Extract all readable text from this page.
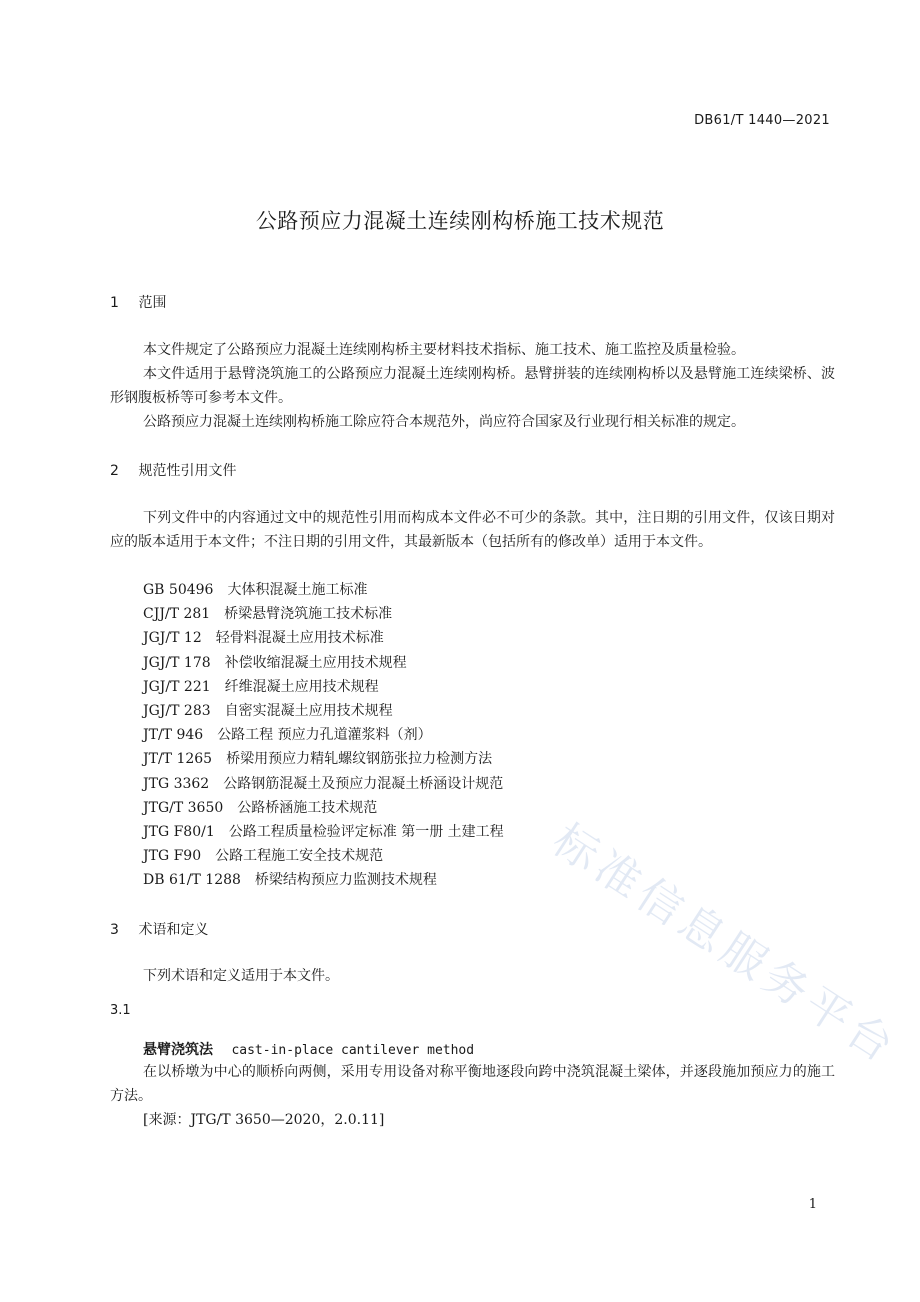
DB61/T 1440—2021
公路预应力混凝土连续刚构桥施工技术规范
1 范围
本文件规定了公路预应力混凝土连续刚构桥主要材料技术指标、施工技术、施工监控及质量检验。
本文件适用于悬臂浇筑施工的公路预应力混凝土连续刚构桥。悬臂拼装的连续刚构桥以及悬臂施工连续梁桥、波形钢腹板桥等可参考本文件。
公路预应力混凝土连续刚构桥施工除应符合本规范外，尚应符合国家及行业现行相关标准的规定。
2 规范性引用文件
下列文件中的内容通过文中的规范性引用而构成本文件必不可少的条款。其中，注日期的引用文件，仅该日期对应的版本适用于本文件；不注日期的引用文件，其最新版本（包括所有的修改单）适用于本文件。
GB 50496 大体积混凝土施工标准
CJJ/T 281 桥梁悬臂浇筑施工技术标准
JGJ/T 12 轻骨料混凝土应用技术标准
JGJ/T 178 补偿收缩混凝土应用技术规程
JGJ/T 221 纤维混凝土应用技术规程
JGJ/T 283 自密实混凝土应用技术规程
JT/T 946 公路工程 预应力孔道灌浆料（剂）
JT/T 1265 桥梁用预应力精轧螺纹钢筋张拉力检测方法
JTG 3362 公路钢筋混凝土及预应力混凝土桥涵设计规范
JTG/T 3650 公路桥涵施工技术规范
JTG F80/1 公路工程质量检验评定标准 第一册 土建工程
JTG F90 公路工程施工安全技术规范
DB 61/T 1288 桥梁结构预应力监测技术规程
3 术语和定义
下列术语和定义适用于本文件。
3.1
悬臂浇筑法 cast-in-place cantilever method
在以桥墩为中心的顺桥向两侧，采用专用设备对称平衡地逐段向跨中浇筑混凝土梁体，并逐段施加预应力的施工方法。
[来源：JTG/T 3650—2020，2.0.11]
标准信息服务平台
1
